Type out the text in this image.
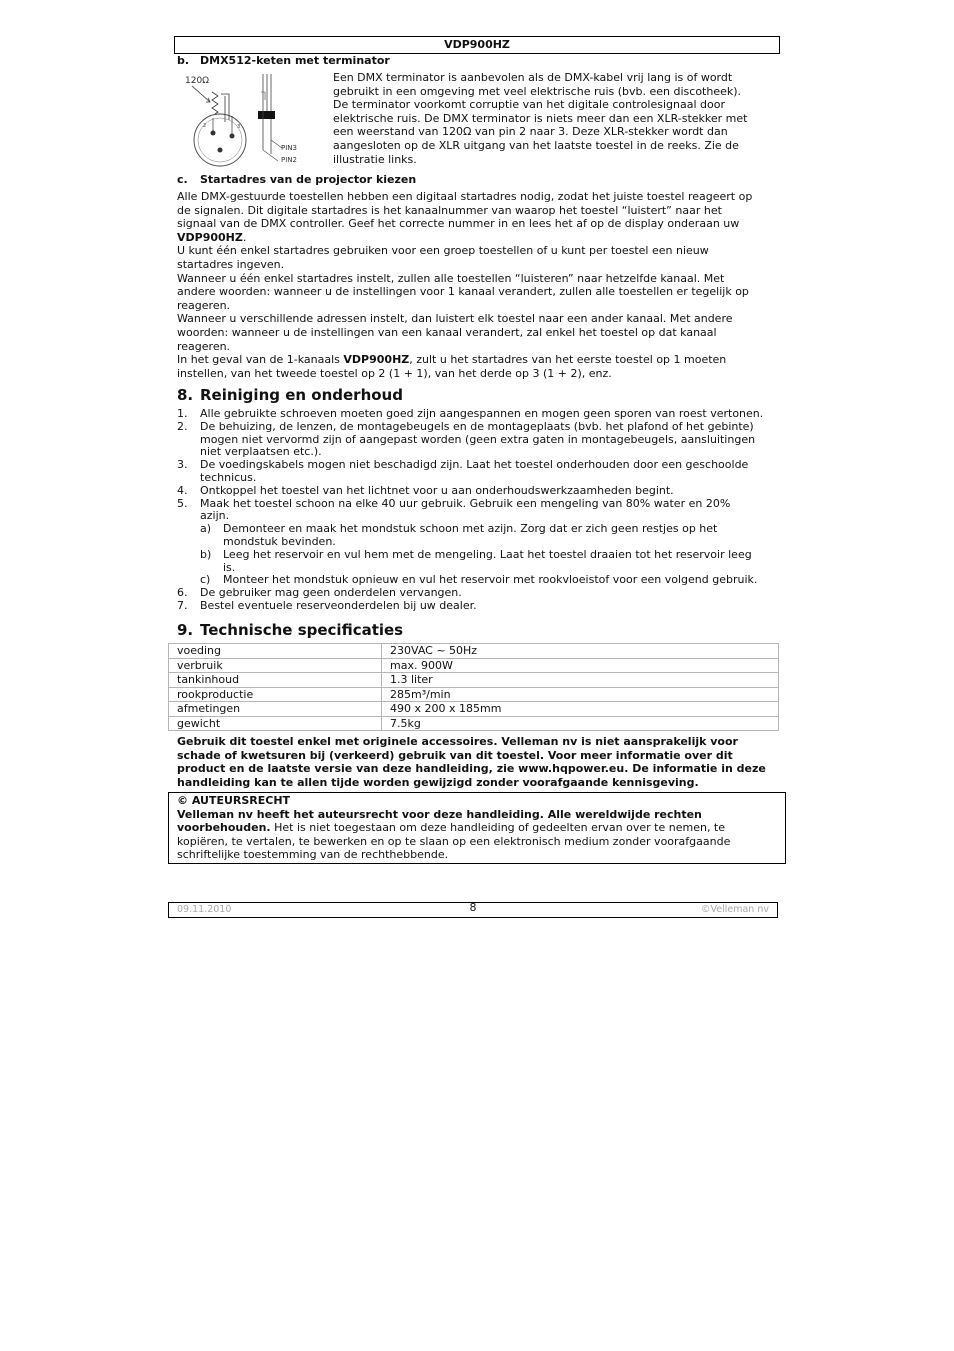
VDP900HZ
b. DMX512-keten met terminator
120Ω
2	3
PIN3
PIN2

Een DMX terminator is aanbevolen als de DMX-kabel vrij lang is of wordt

gebruikt in een omgeving met veel elektrische ruis (bvb. een discotheek).

De terminator voorkomt corruptie van het digitale controlesignaal door

elektrische ruis. De DMX terminator is niets meer dan een XLR-stekker met

een weerstand van 120Ω van pin 2 naar 3. Deze XLR-stekker wordt dan

aangesloten op de XLR uitgang van het laatste toestel in de reeks. Zie de

illustratie links.

c. Startadres van de projector kiezen

Alle DMX-gestuurde toestellen hebben een digitaal startadres nodig, zodat het juiste toestel reageert op

de signalen. Dit digitale startadres is het kanaalnummer van waarop het toestel “luistert” naar het

signaal van de DMX controller. Geef het correcte nummer in en lees het af op de display onderaan uw

VDP900HZ.

U kunt één enkel startadres gebruiken voor een groep toestellen of u kunt per toestel een nieuw

startadres ingeven.

Wanneer u één enkel startadres instelt, zullen alle toestellen “luisteren” naar hetzelfde kanaal. Met

andere woorden: wanneer u de instellingen voor 1 kanaal verandert, zullen alle toestellen er tegelijk op

reageren.

Wanneer u verschillende adressen instelt, dan luistert elk toestel naar een ander kanaal. Met andere

woorden: wanneer u de instellingen van een kanaal verandert, zal enkel het toestel op dat kanaal

reageren.

In het geval van de 1-kanaals VDP900HZ, zult u het startadres van het eerste toestel op 1 moeten

instellen, van het tweede toestel op 2 (1 + 1), van het derde op 3 (1 + 2), enz.

8. Reiniging en onderhoud
1. Alle gebruikte schroeven moeten goed zijn aangespannen en mogen geen sporen van roest vertonen.
2. De behuizing, de lenzen, de montagebeugels en de montageplaats (bvb. het plafond of het gebinte)
mogen niet vervormd zijn of aangepast worden (geen extra gaten in montagebeugels, aansluitingen
niet verplaatsen etc.).
3. De voedingskabels mogen niet beschadigd zijn. Laat het toestel onderhouden door een geschoolde
technicus.
4. Ontkoppel het toestel van het lichtnet voor u aan onderhoudswerkzaamheden begint.
5. Maak het toestel schoon na elke 40 uur gebruik. Gebruik een mengeling van 80% water en 20%
azijn.
a) Demonteer en maak het mondstuk schoon met azijn. Zorg dat er zich geen restjes op het
mondstuk bevinden.
b) Leeg het reservoir en vul hem met de mengeling. Laat het toestel draaien tot het reservoir leeg
is.
c) Monteer het mondstuk opnieuw en vul het reservoir met rookvloeistof voor een volgend gebruik.
6. De gebruiker mag geen onderdelen vervangen.
7. Bestel eventuele reserveonderdelen bij uw dealer.
9. Technische specificaties
voeding	230VAC ~ 50Hz
verbruik	max. 900W
tankinhoud	1.3 liter
rookproductie	285m³/min
afmetingen	490 x 200 x 185mm
gewicht	7.5kg

Gebruik dit toestel enkel met originele accessoires. Velleman nv is niet aansprakelijk voor

schade of kwetsuren bij (verkeerd) gebruik van dit toestel. Voor meer informatie over dit

product en de laatste versie van deze handleiding, zie www.hqpower.eu. De informatie in deze

handleiding kan te allen tijde worden gewijzigd zonder voorafgaande kennisgeving.

© AUTEURSRECHT

Velleman nv heeft het auteursrecht voor deze handleiding. Alle wereldwijde rechten

voorbehouden. Het is niet toegestaan om deze handleiding of gedeelten ervan over te nemen, te

kopiëren, te vertalen, te bewerken en op te slaan op een elektronisch medium zonder voorafgaande

schriftelijke toestemming van de rechthebbende.

09.11.2010	8	©Velleman nv
